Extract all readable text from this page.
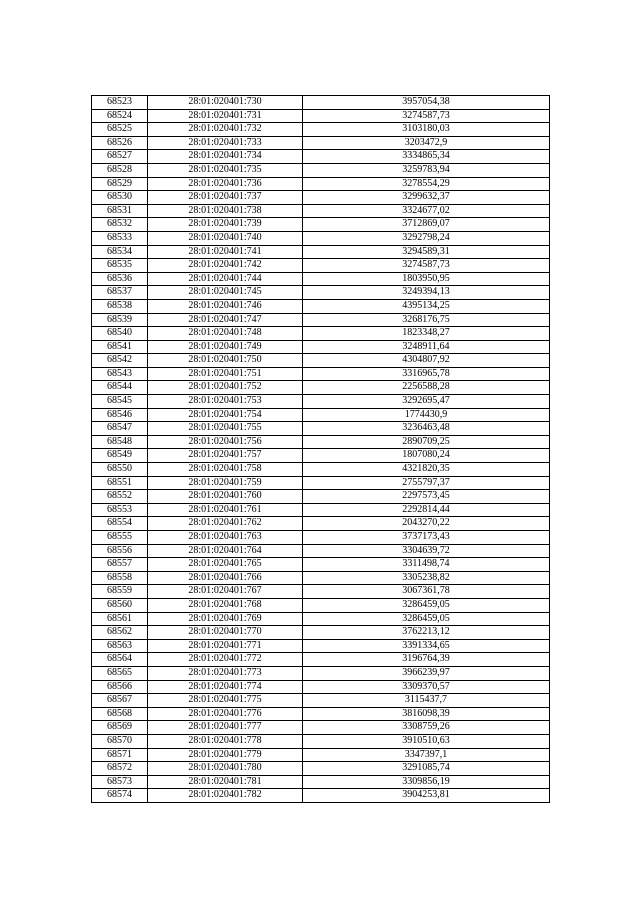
68523	28:01:020401:730	3957054,38
68524	28:01:020401:731	3274587,73
68525	28:01:020401:732	3103180,03
68526	28:01:020401:733	3203472,9
68527	28:01:020401:734	3334865,34
68528	28:01:020401:735	3259783,94
68529	28:01:020401:736	3278554,29
68530	28:01:020401:737	3299632,37
68531	28:01:020401:738	3324677,02
68532	28:01:020401:739	3712869,07
68533	28:01:020401:740	3292798,24
68534	28:01:020401:741	3294589,31
68535	28:01:020401:742	3274587,73
68536	28:01:020401:744	1803950,95
68537	28:01:020401:745	3249394,13
68538	28:01:020401:746	4395134,25
68539	28:01:020401:747	3268176,75
68540	28:01:020401:748	1823348,27
68541	28:01:020401:749	3248911,64
68542	28:01:020401:750	4304807,92
68543	28:01:020401:751	3316965,78
68544	28:01:020401:752	2256588,28
68545	28:01:020401:753	3292695,47
68546	28:01:020401:754	1774430,9
68547	28:01:020401:755	3236463,48
68548	28:01:020401:756	2890709,25
68549	28:01:020401:757	1807080,24
68550	28:01:020401:758	4321820,35
68551	28:01:020401:759	2755797,37
68552	28:01:020401:760	2297573,45
68553	28:01:020401:761	2292814,44
68554	28:01:020401:762	2043270,22
68555	28:01:020401:763	3737173,43
68556	28:01:020401:764	3304639,72
68557	28:01:020401:765	3311498,74
68558	28:01:020401:766	3305238,82
68559	28:01:020401:767	3067361,78
68560	28:01:020401:768	3286459,05
68561	28:01:020401:769	3286459,05
68562	28:01:020401:770	3762213,12
68563	28:01:020401:771	3391334,65
68564	28:01:020401:772	3196764,39
68565	28:01:020401:773	3966239,97
68566	28:01:020401:774	3309370,57
68567	28:01:020401:775	3115437,7
68568	28:01:020401:776	3816098,39
68569	28:01:020401:777	3308759,26
68570	28:01:020401:778	3910510,63
68571	28:01:020401:779	3347397,1
68572	28:01:020401:780	3291085,74
68573	28:01:020401:781	3309856,19
68574	28:01:020401:782	3904253,81
